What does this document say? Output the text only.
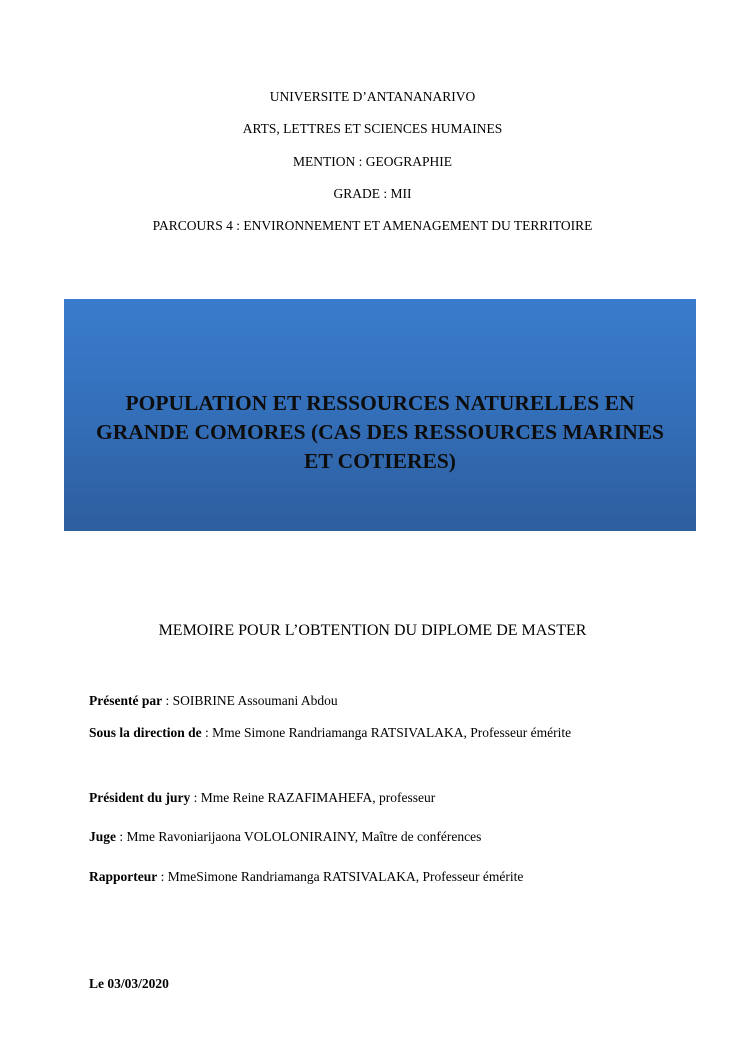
UNIVERSITE D’ANTANANARIVO
ARTS, LETTRES ET SCIENCES HUMAINES
MENTION : GEOGRAPHIE
GRADE : MII
PARCOURS 4 : ENVIRONNEMENT ET AMENAGEMENT DU TERRITOIRE
POPULATION ET RESSOURCES NATURELLES EN
GRANDE COMORES (CAS DES RESSOURCES MARINES
ET COTIERES)
MEMOIRE POUR L’OBTENTION DU DIPLOME DE MASTER
Présenté par : SOIBRINE Assoumani Abdou
Sous la direction de : Mme Simone Randriamanga RATSIVALAKA, Professeur émérite
Président du jury : Mme Reine RAZAFIMAHEFA, professeur
Juge : Mme Ravoniarijaona VOLOLONIRAINY, Maître de conférences
Rapporteur : MmeSimone Randriamanga RATSIVALAKA, Professeur émérite
Le 03/03/2020
